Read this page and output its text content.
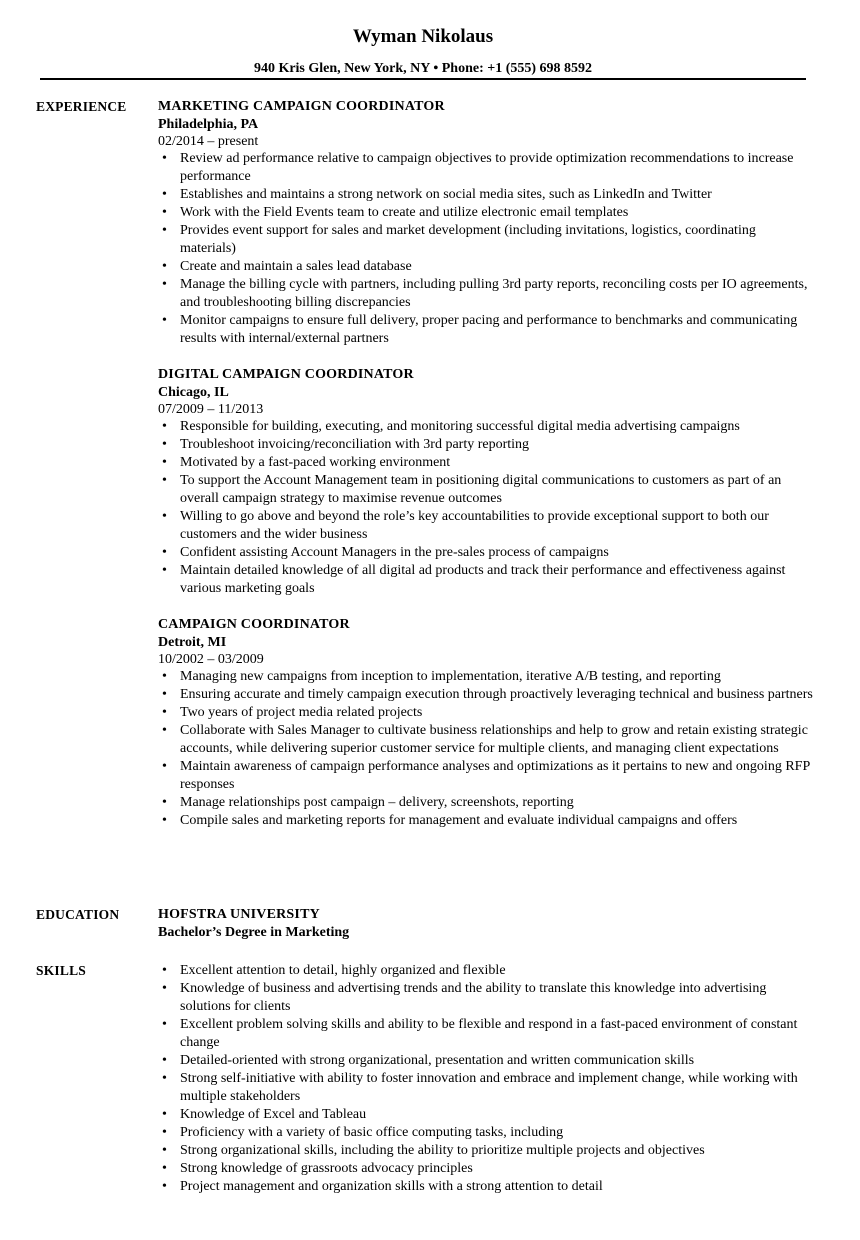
Wyman Nikolaus
940 Kris Glen, New York, NY • Phone: +1 (555) 698 8592
EXPERIENCE MARKETING CAMPAIGN COORDINATOR
Philadelphia, PA
02/2014 – present
• Review ad performance relative to campaign objectives to provide optimization recommendations to increase performance
• Establishes and maintains a strong network on social media sites, such as LinkedIn and Twitter
• Work with the Field Events team to create and utilize electronic email templates
• Provides event support for sales and market development (including invitations, logistics, coordinating materials)
• Create and maintain a sales lead database
• Manage the billing cycle with partners, including pulling 3rd party reports, reconciling costs per IO agreements, and troubleshooting billing discrepancies
• Monitor campaigns to ensure full delivery, proper pacing and performance to benchmarks and communicating results with internal/external partners
DIGITAL CAMPAIGN COORDINATOR
Chicago, IL
07/2009 – 11/2013
• Responsible for building, executing, and monitoring successful digital media advertising campaigns
• Troubleshoot invoicing/reconciliation with 3rd party reporting
• Motivated by a fast-paced working environment
• To support the Account Management team in positioning digital communications to customers as part of an overall campaign strategy to maximise revenue outcomes
• Willing to go above and beyond the role’s key accountabilities to provide exceptional support to both our customers and the wider business
• Confident assisting Account Managers in the pre-sales process of campaigns
• Maintain detailed knowledge of all digital ad products and track their performance and effectiveness against various marketing goals
CAMPAIGN COORDINATOR
Detroit, MI
10/2002 – 03/2009
• Managing new campaigns from inception to implementation, iterative A/B testing, and reporting
• Ensuring accurate and timely campaign execution through proactively leveraging technical and business partners
• Two years of project media related projects
• Collaborate with Sales Manager to cultivate business relationships and help to grow and retain existing strategic accounts, while delivering superior customer service for multiple clients, and managing client expectations
• Maintain awareness of campaign performance analyses and optimizations as it pertains to new and ongoing RFP responses
• Manage relationships post campaign – delivery, screenshots, reporting
• Compile sales and marketing reports for management and evaluate individual campaigns and offers
EDUCATION	HOFSTRA UNIVERSITY
Bachelor’s Degree in Marketing
SKILLS
•	Excellent attention to detail, highly organized and flexible
• Knowledge of business and advertising trends and the ability to translate this knowledge into advertising solutions for clients
• Excellent problem solving skills and ability to be flexible and respond in a fast-paced environment of constant change
• Detailed-oriented with strong organizational, presentation and written communication skills
• Strong self-initiative with ability to foster innovation and embrace and implement change, while working with multiple stakeholders
• Knowledge of Excel and Tableau
• Proficiency with a variety of basic office computing tasks, including
• Strong organizational skills, including the ability to prioritize multiple projects and objectives
• Strong knowledge of grassroots advocacy principles
• Project management and organization skills with a strong attention to detail
